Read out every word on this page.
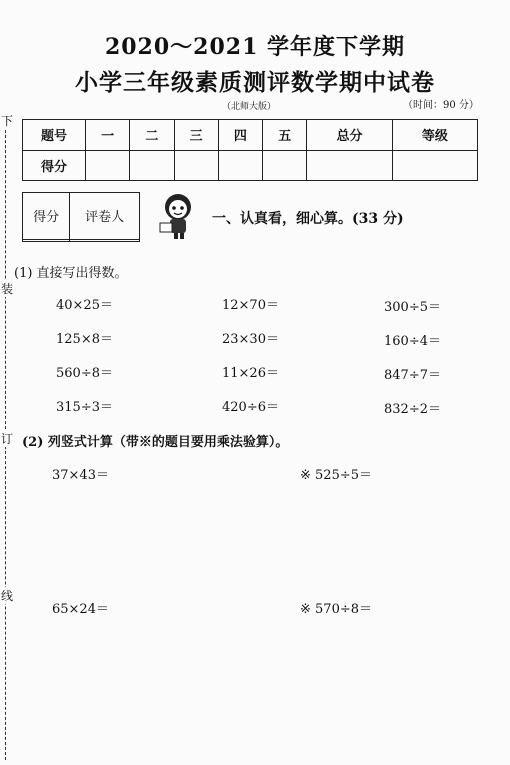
2020～2021 学年度下学期
小学三年级素质测评数学期中试卷
（北师大版）	（时间：90 分）
下
装
订
线
题号	一	二	三	四	五	总分	等级
得分							
得分	评卷人
		一、认真看，细心算。(33 分)
(1) 直接写出得数。
40×25＝	12×70＝	300÷5＝
125×8＝	23×30＝	160÷4＝
560÷8＝	11×26＝	847÷7＝
315÷3＝	420÷6＝	832÷2＝
(2) 列竖式计算（带※的题目要用乘法验算）。
37×43＝	※ 525÷5＝
65×24＝	※ 570÷8＝
